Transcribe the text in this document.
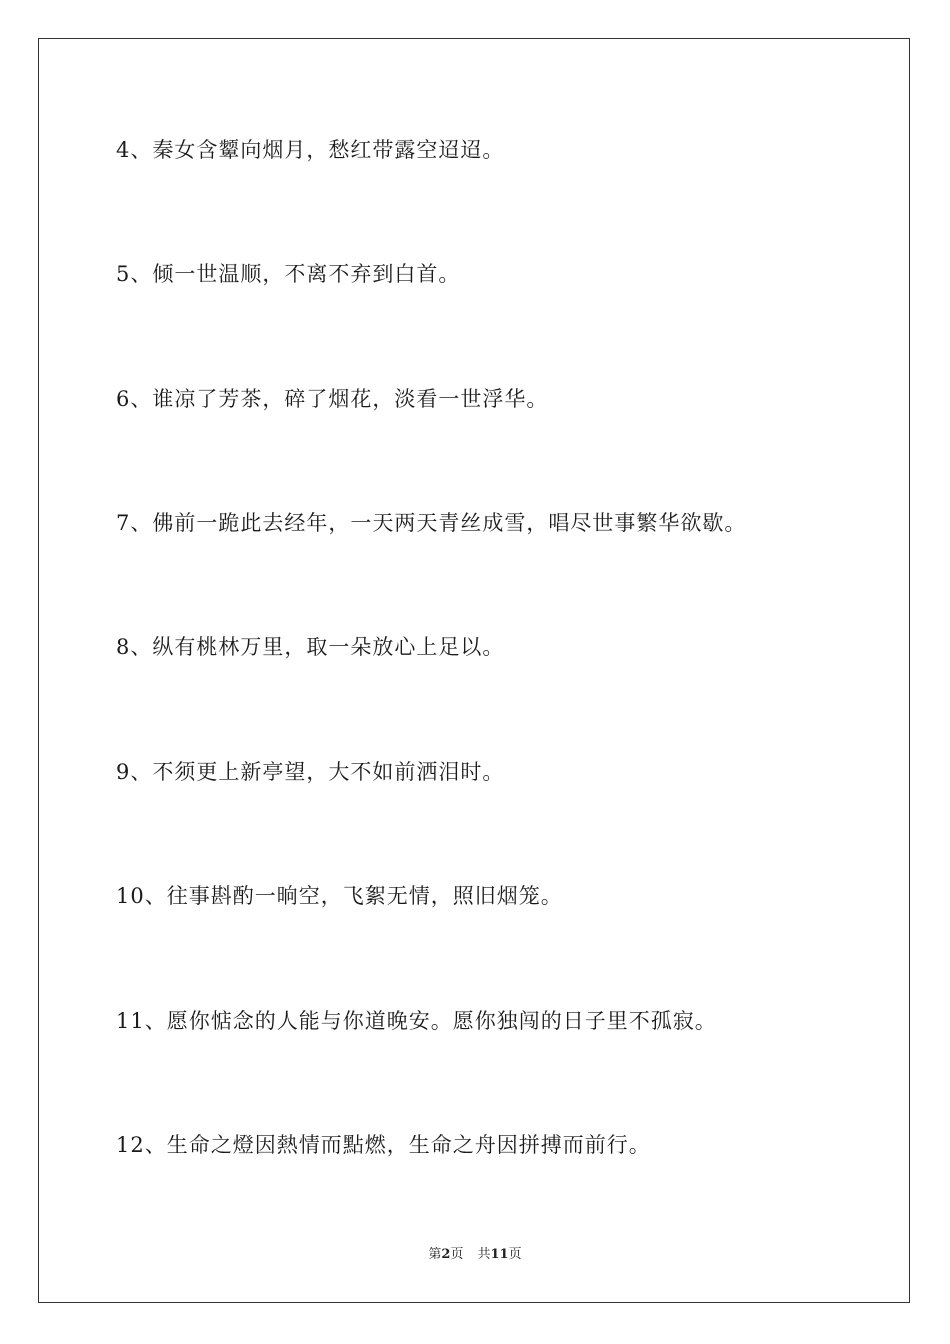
4、秦女含颦向烟月，愁红带露空迢迢。
5、倾一世温顺，不离不弃到白首。
6、谁凉了芳茶，碎了烟花，淡看一世浮华。
7、佛前一跪此去经年，一天两天青丝成雪，唱尽世事繁华欲歇。
8、纵有桃林万里，取一朵放心上足以。
9、不须更上新亭望，大不如前洒泪时。
10、往事斟酌一晌空，飞絮无情，照旧烟笼。
11、愿你惦念的人能与你道晚安。愿你独闯的日子里不孤寂。
12、生命之燈因熱情而點燃，生命之舟因拼搏而前行。
第2页 共11页
